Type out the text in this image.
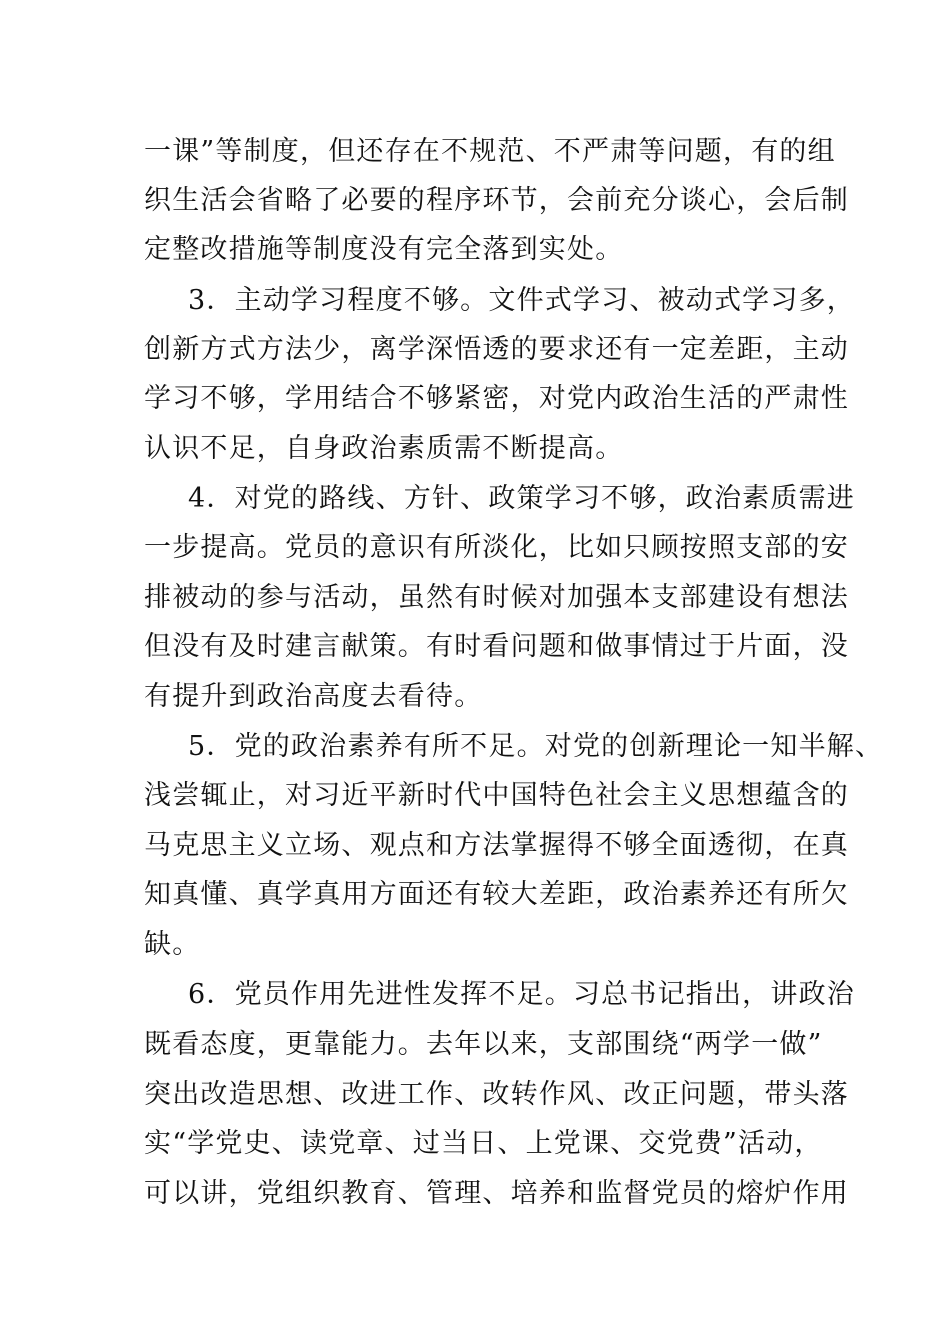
一课”等制度，但还存在不规范、不严肃等问题，有的组
织生活会省略了必要的程序环节，会前充分谈心，会后制
定整改措施等制度没有完全落到实处。
3．主动学习程度不够。文件式学习、被动式学习多，
创新方式方法少，离学深悟透的要求还有一定差距，主动
学习不够，学用结合不够紧密，对党内政治生活的严肃性
认识不足，自身政治素质需不断提高。
4．对党的路线、方针、政策学习不够，政治素质需进
一步提高。党员的意识有所淡化，比如只顾按照支部的安
排被动的参与活动，虽然有时候对加强本支部建设有想法
但没有及时建言献策。有时看问题和做事情过于片面，没
有提升到政治高度去看待。
5．党的政治素养有所不足。对党的创新理论一知半解、
浅尝辄止，对习近平新时代中国特色社会主义思想蕴含的
马克思主义立场、观点和方法掌握得不够全面透彻，在真
知真懂、真学真用方面还有较大差距，政治素养还有所欠
缺。
6．党员作用先进性发挥不足。习总书记指出，讲政治
既看态度，更靠能力。去年以来，支部围绕“两学一做”
突出改造思想、改进工作、改转作风、改正问题，带头落
实“学党史、读党章、过当日、上党课、交党费”活动，
可以讲，党组织教育、管理、培养和监督党员的熔炉作用
